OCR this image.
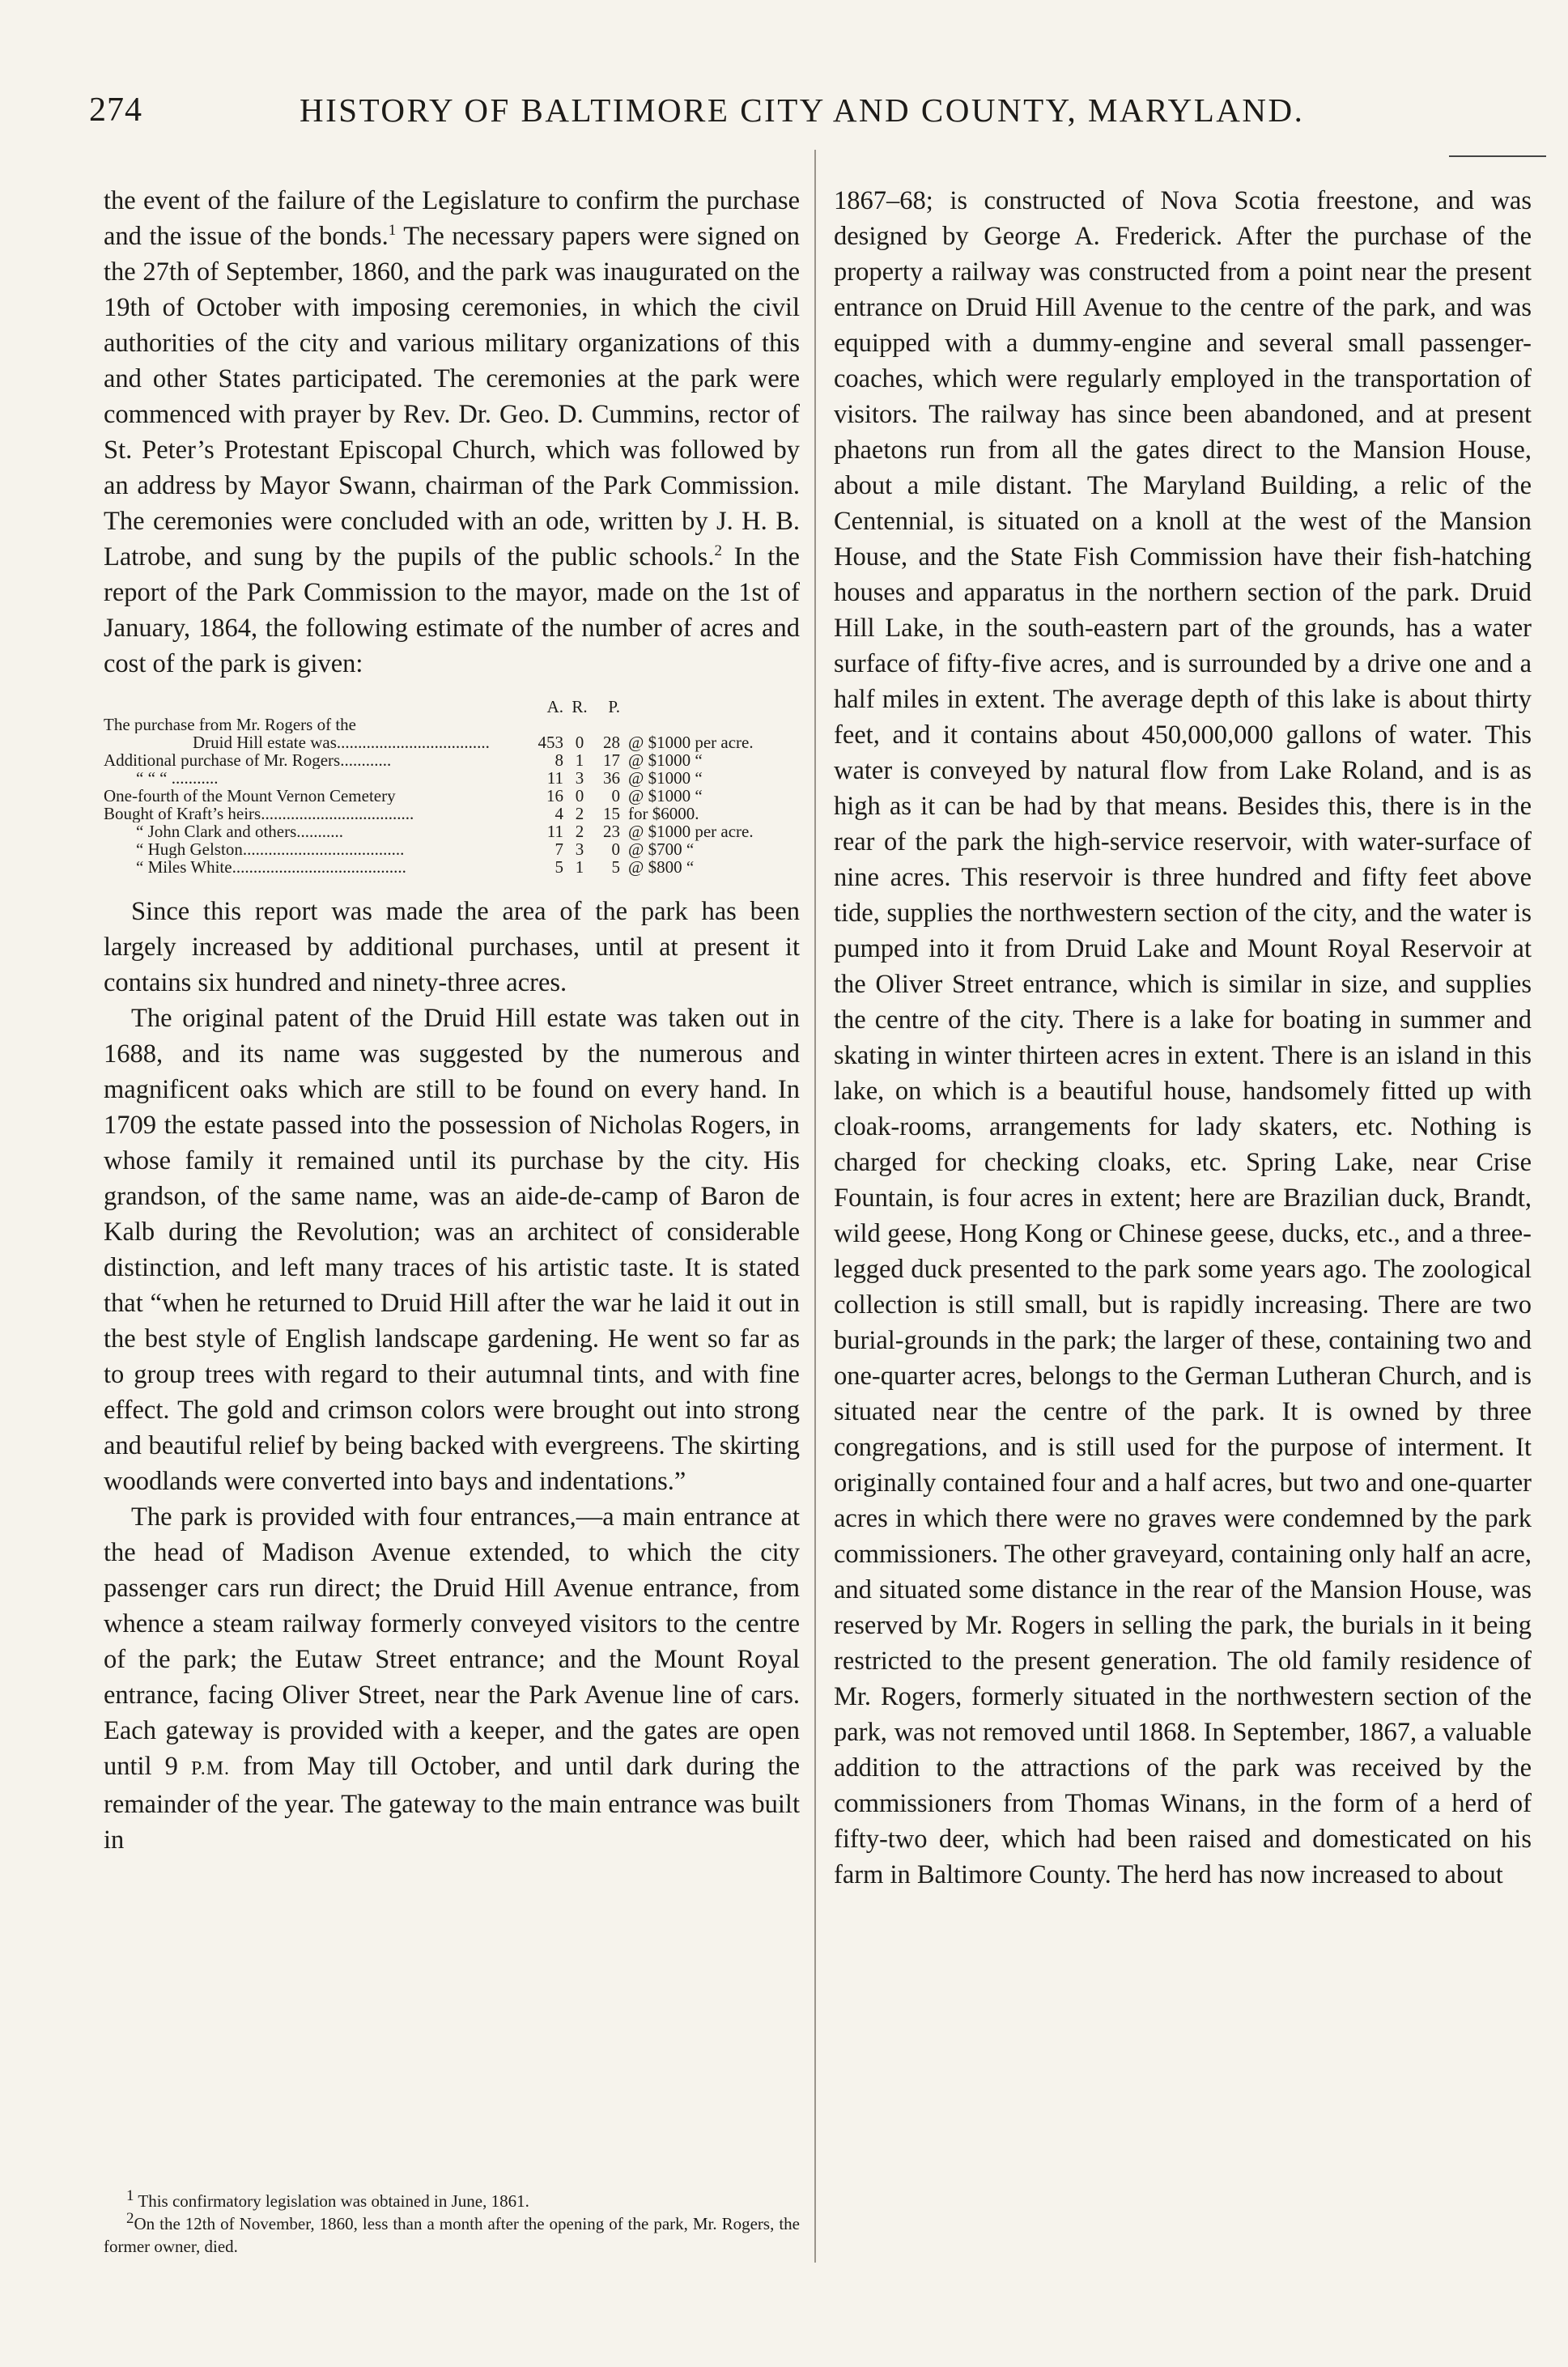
274	HISTORY OF BALTIMORE CITY AND COUNTY, MARYLAND.

the event of the failure of the Legislature to confirm the purchase and the issue of the bonds.$^1$ The necessary papers were signed on the 27th of September, 1860, and the park was inaugurated on the 19th of October with imposing ceremonies, in which the civil authorities of the city and various military organizations of this and other States participated. The ceremonies at the park were commenced with prayer by Rev. Dr. Geo. D. Cummins, rector of St. Peter’s Protestant Episcopal Church, which was followed by an address by Mayor Swann, chairman of the Park Commission. The ceremonies were concluded with an ode, written by J. H. B. Latrobe, and sung by the pupils of the public schools.$^2$ In the report of the Park Commission to the mayor, made on the 1st of January, 1864, the following estimate of the number of acres and cost of the park is given:

A. R.	P.
The purchase from Mr. Rogers of the
Druid Hill estate was....................................	453 0	28 @ $1000 per acre.
Additional purchase of Mr. Rogers............	8 1	17 @ $1000 “
“ “ “ ...........	11 3	36 @ $1000 “
One-fourth of the Mount Vernon Cemetery	16 0	0 @ $1000 “
Bought of Kraft’s heirs....................................	4 2	15 for $6000.
“ John Clark and others...........	11 2	23 @ $1000 per acre.
“ Hugh Gelston......................................	7 3	0 @ $700 “
“ Miles White.........................................	5 1	5 @ $800 “

Since this report was made the area of the park has been largely increased by additional purchases, until at present it contains six hundred and ninety-three acres.

The original patent of the Druid Hill estate was taken out in 1688, and its name was suggested by the numerous and magnificent oaks which are still to be found on every hand. In 1709 the estate passed into the possession of Nicholas Rogers, in whose family it remained until its purchase by the city. His grandson, of the same name, was an aide-de-camp of Baron de Kalb during the Revolution; was an architect of considerable distinction, and left many traces of his artistic taste. It is stated that “when he returned to Druid Hill after the war he laid it out in the best style of English landscape gardening. He went so far as to group trees with regard to their autumnal tints, and with fine effect. The gold and crimson colors were brought out into strong and beautiful relief by being backed with evergreens. The skirting woodlands were converted into bays and indentations.”

The park is provided with four entrances,—a main entrance at the head of Madison Avenue extended, to which the city passenger cars run direct; the Druid Hill Avenue entrance, from whence a steam railway formerly conveyed visitors to the centre of the park; the Eutaw Street entrance; and the Mount Royal entrance, facing Oliver Street, near the Park Avenue line of cars. Each gateway is provided with a keeper, and the gates are open until 9 P.M. from May till October, and until dark during the remainder of the year. The gateway to the main entrance was built in

$^1$ This confirmatory legislation was obtained in June, 1861.
$^2$On the 12th of November, 1860, less than a month after the opening of the park, Mr. Rogers, the former owner, died.

1867–68; is constructed of Nova Scotia freestone, and was designed by George A. Frederick. After the purchase of the property a railway was constructed from a point near the present entrance on Druid Hill Avenue to the centre of the park, and was equipped with a dummy-engine and several small passenger-coaches, which were regularly employed in the transportation of visitors. The railway has since been abandoned, and at present phaetons run from all the gates direct to the Mansion House, about a mile distant. The Maryland Building, a relic of the Centennial, is situated on a knoll at the west of the Mansion House, and the State Fish Commission have their fish-hatching houses and apparatus in the northern section of the park. Druid Hill Lake, in the south-eastern part of the grounds, has a water surface of fifty-five acres, and is surrounded by a drive one and a half miles in extent. The average depth of this lake is about thirty feet, and it contains about 450,000,000 gallons of water. This water is conveyed by natural flow from Lake Roland, and is as high as it can be had by that means. Besides this, there is in the rear of the park the high-service reservoir, with water-surface of nine acres. This reservoir is three hundred and fifty feet above tide, supplies the northwestern section of the city, and the water is pumped into it from Druid Lake and Mount Royal Reservoir at the Oliver Street entrance, which is similar in size, and supplies the centre of the city. There is a lake for boating in summer and skating in winter thirteen acres in extent. There is an island in this lake, on which is a beautiful house, handsomely fitted up with cloak-rooms, arrangements for lady skaters, etc. Nothing is charged for checking cloaks, etc. Spring Lake, near Crise Fountain, is four acres in extent; here are Brazilian duck, Brandt, wild geese, Hong Kong or Chinese geese, ducks, etc., and a three-legged duck presented to the park some years ago. The zoological collection is still small, but is rapidly increasing. There are two burial-grounds in the park; the larger of these, containing two and one-quarter acres, belongs to the German Lutheran Church, and is situated near the centre of the park. It is owned by three congregations, and is still used for the purpose of interment. It originally contained four and a half acres, but two and one-quarter acres in which there were no graves were condemned by the park commissioners. The other graveyard, containing only half an acre, and situated some distance in the rear of the Mansion House, was reserved by Mr. Rogers in selling the park, the burials in it being restricted to the present generation. The old family residence of Mr. Rogers, formerly situated in the northwestern section of the park, was not removed until 1868. In September, 1867, a valuable addition to the attractions of the park was received by the commissioners from Thomas Winans, in the form of a herd of fifty-two deer, which had been raised and domesticated on his farm in Baltimore County. The herd has now increased to about
